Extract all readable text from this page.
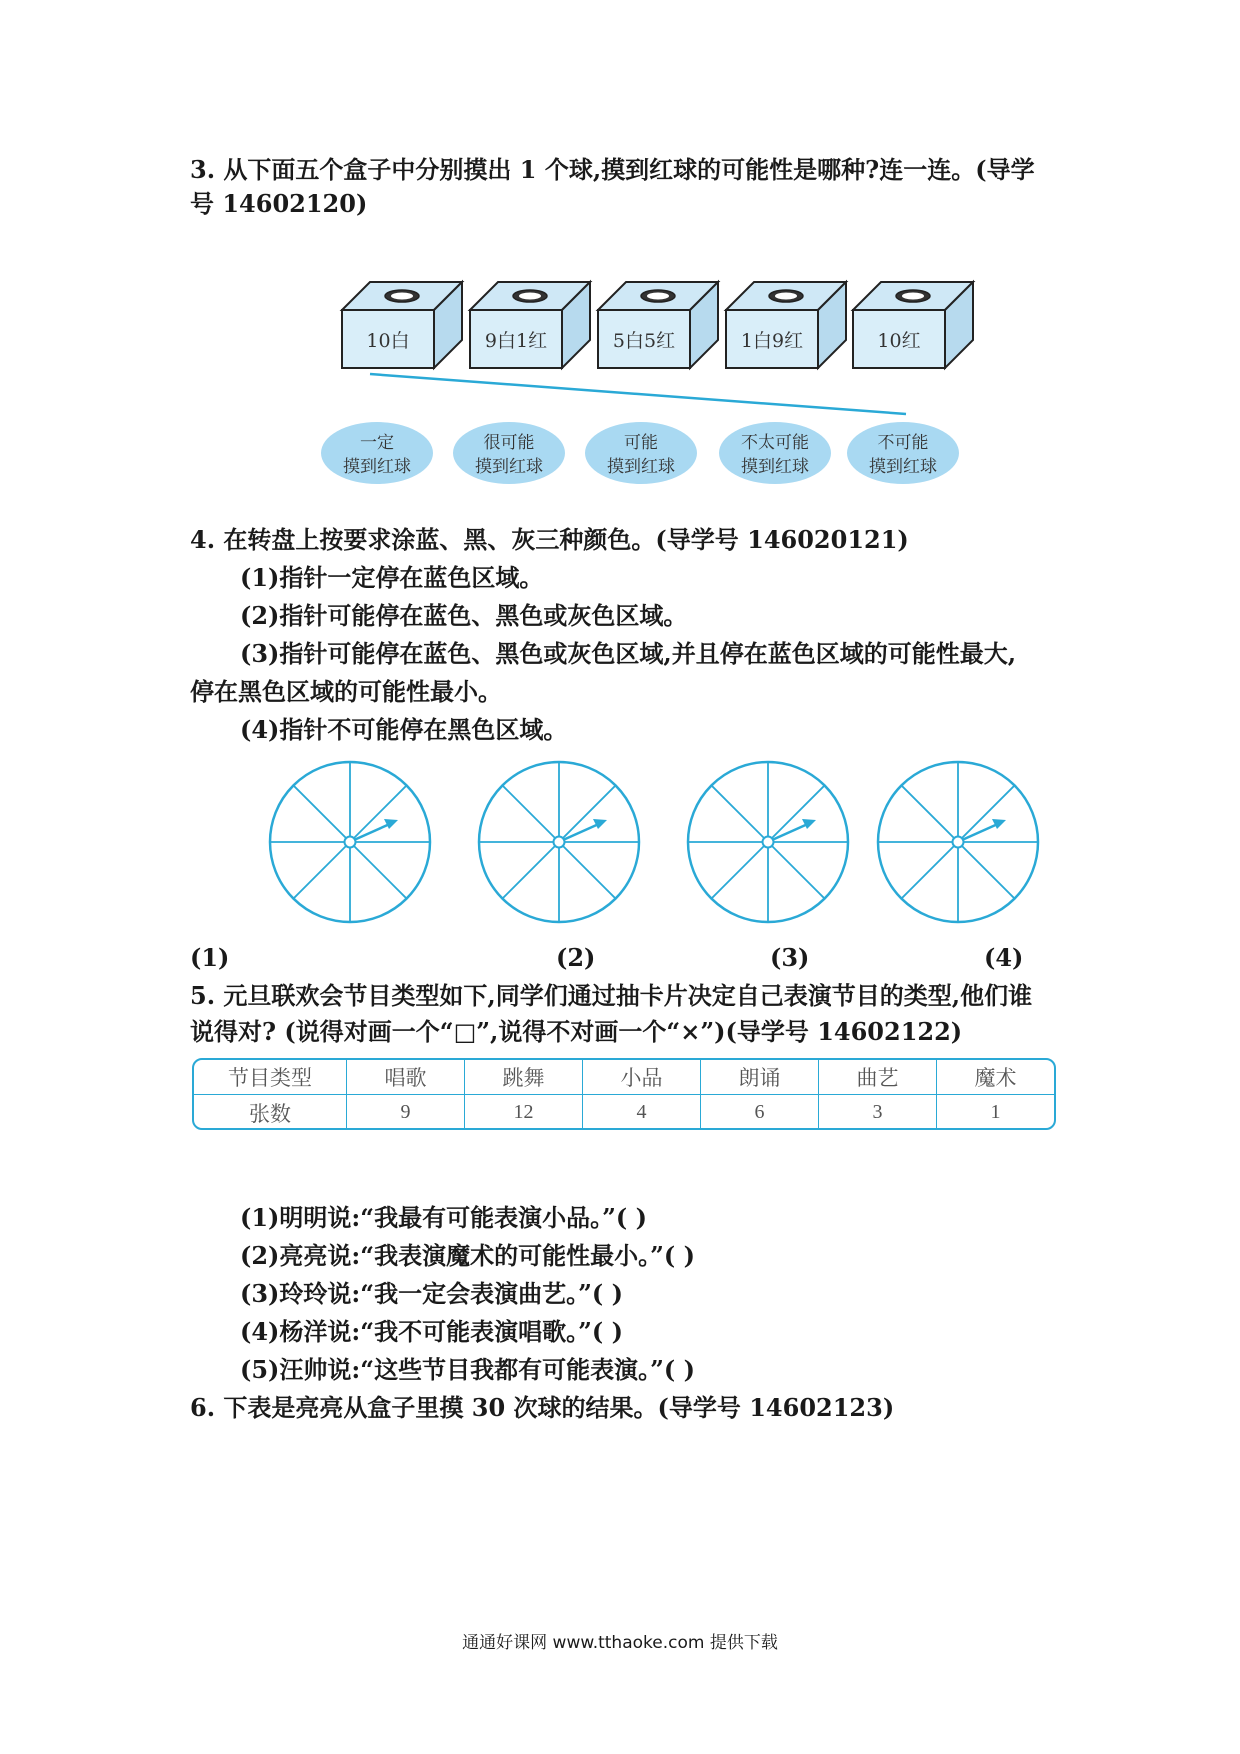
3. 从下面五个盒子中分别摸出 1 个球,摸到红球的可能性是哪种?连一连。(导学
号 14602120)
10白	9白1红	5白5红	1白9红	10红
一定
摸到红球
很可能
摸到红球
可能
摸到红球
不太可能
摸到红球
不可能
摸到红球
4. 在转盘上按要求涂蓝、黑、灰三种颜色。(导学号 146020121)
(1)指针一定停在蓝色区域。
(2)指针可能停在蓝色、黑色或灰色区域。
(3)指针可能停在蓝色、黑色或灰色区域,并且停在蓝色区域的可能性最大,
停在黑色区域的可能性最小。
(4)指针不可能停在黑色区域。
(1)	(2)	(3)	(4)
5. 元旦联欢会节目类型如下,同学们通过抽卡片决定自己表演节目的类型,他们谁
说得对? (说得对画一个“□”,说得不对画一个“×”)(导学号 14602122)
节目类型	唱歌	跳舞	小品	朗诵	曲艺	魔术
张数	9	12	4	6	3	1
(1)明明说:“我最有可能表演小品。”( )
(2)亮亮说:“我表演魔术的可能性最小。”( )
(3)玲玲说:“我一定会表演曲艺。”( )
(4)杨洋说:“我不可能表演唱歌。”( )
(5)汪帅说:“这些节目我都有可能表演。”( )
6. 下表是亮亮从盒子里摸 30 次球的结果。(导学号 14602123)
通通好课网 www.tthaoke.com 提供下载
